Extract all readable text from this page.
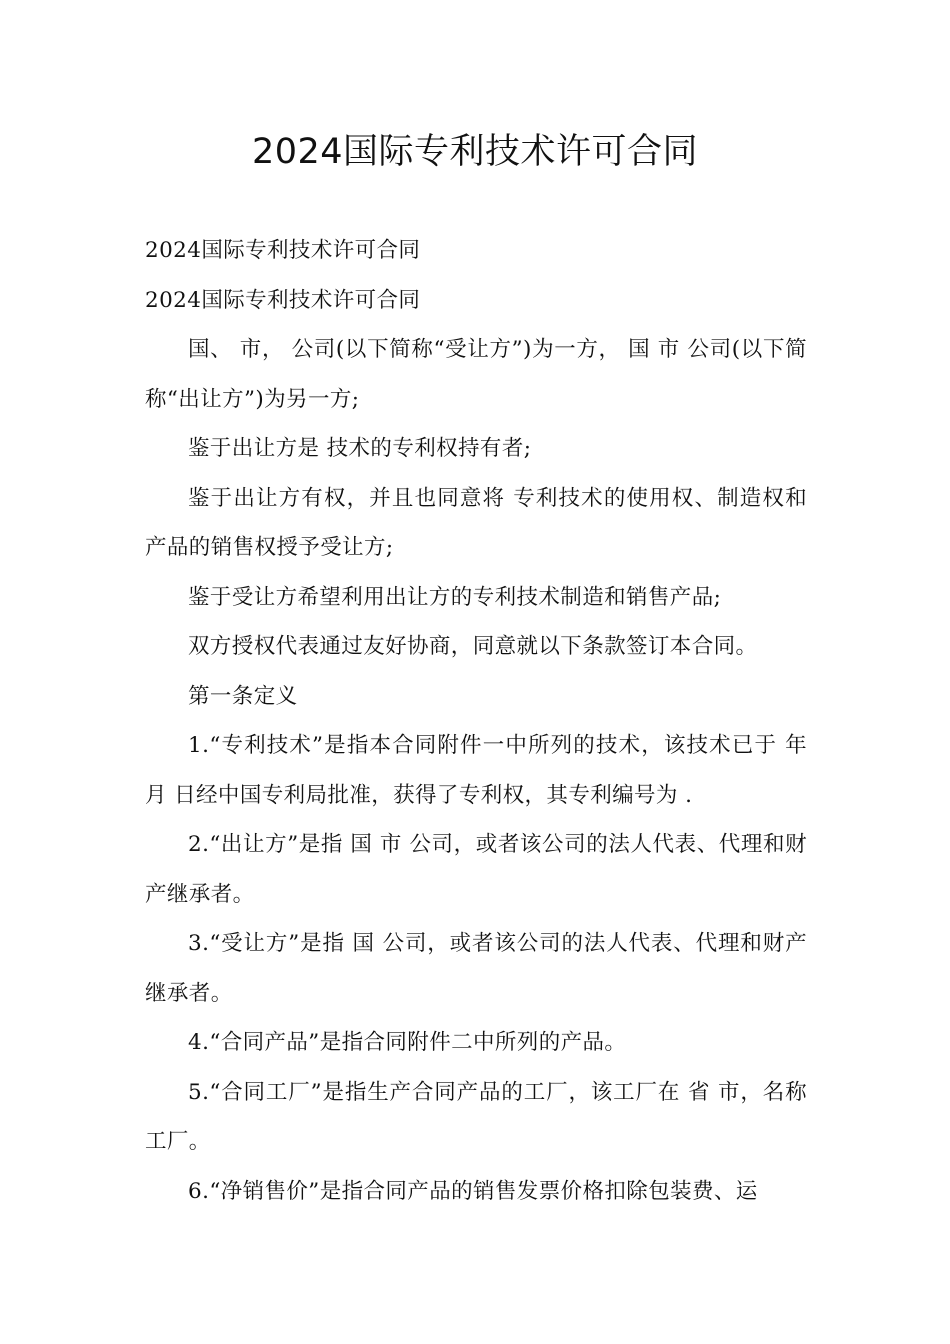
2024国际专利技术许可合同

2024国际专利技术许可合同

2024国际专利技术许可合同

国、 市， 公司(以下简称“受让方”)为一方， 国 市 公司(以下简称“出让方”)为另一方;

鉴于出让方是 技术的专利权持有者;

鉴于出让方有权，并且也同意将 专利技术的使用权、制造权和产品的销售权授予受让方;

鉴于受让方希望利用出让方的专利技术制造和销售产品;

双方授权代表通过友好协商，同意就以下条款签订本合同。

第一条定义

1.“专利技术”是指本合同附件一中所列的技术，该技术已于 年 月 日经中国专利局批准，获得了专利权，其专利编号为 .

2.“出让方”是指 国 市 公司，或者该公司的法人代表、代理和财产继承者。

3.“受让方”是指 国 公司，或者该公司的法人代表、代理和财产继承者。

4.“合同产品”是指合同附件二中所列的产品。

5.“合同工厂”是指生产合同产品的工厂，该工厂在 省 市，名称 工厂。

6.“净销售价”是指合同产品的销售发票价格扣除包装费、运
